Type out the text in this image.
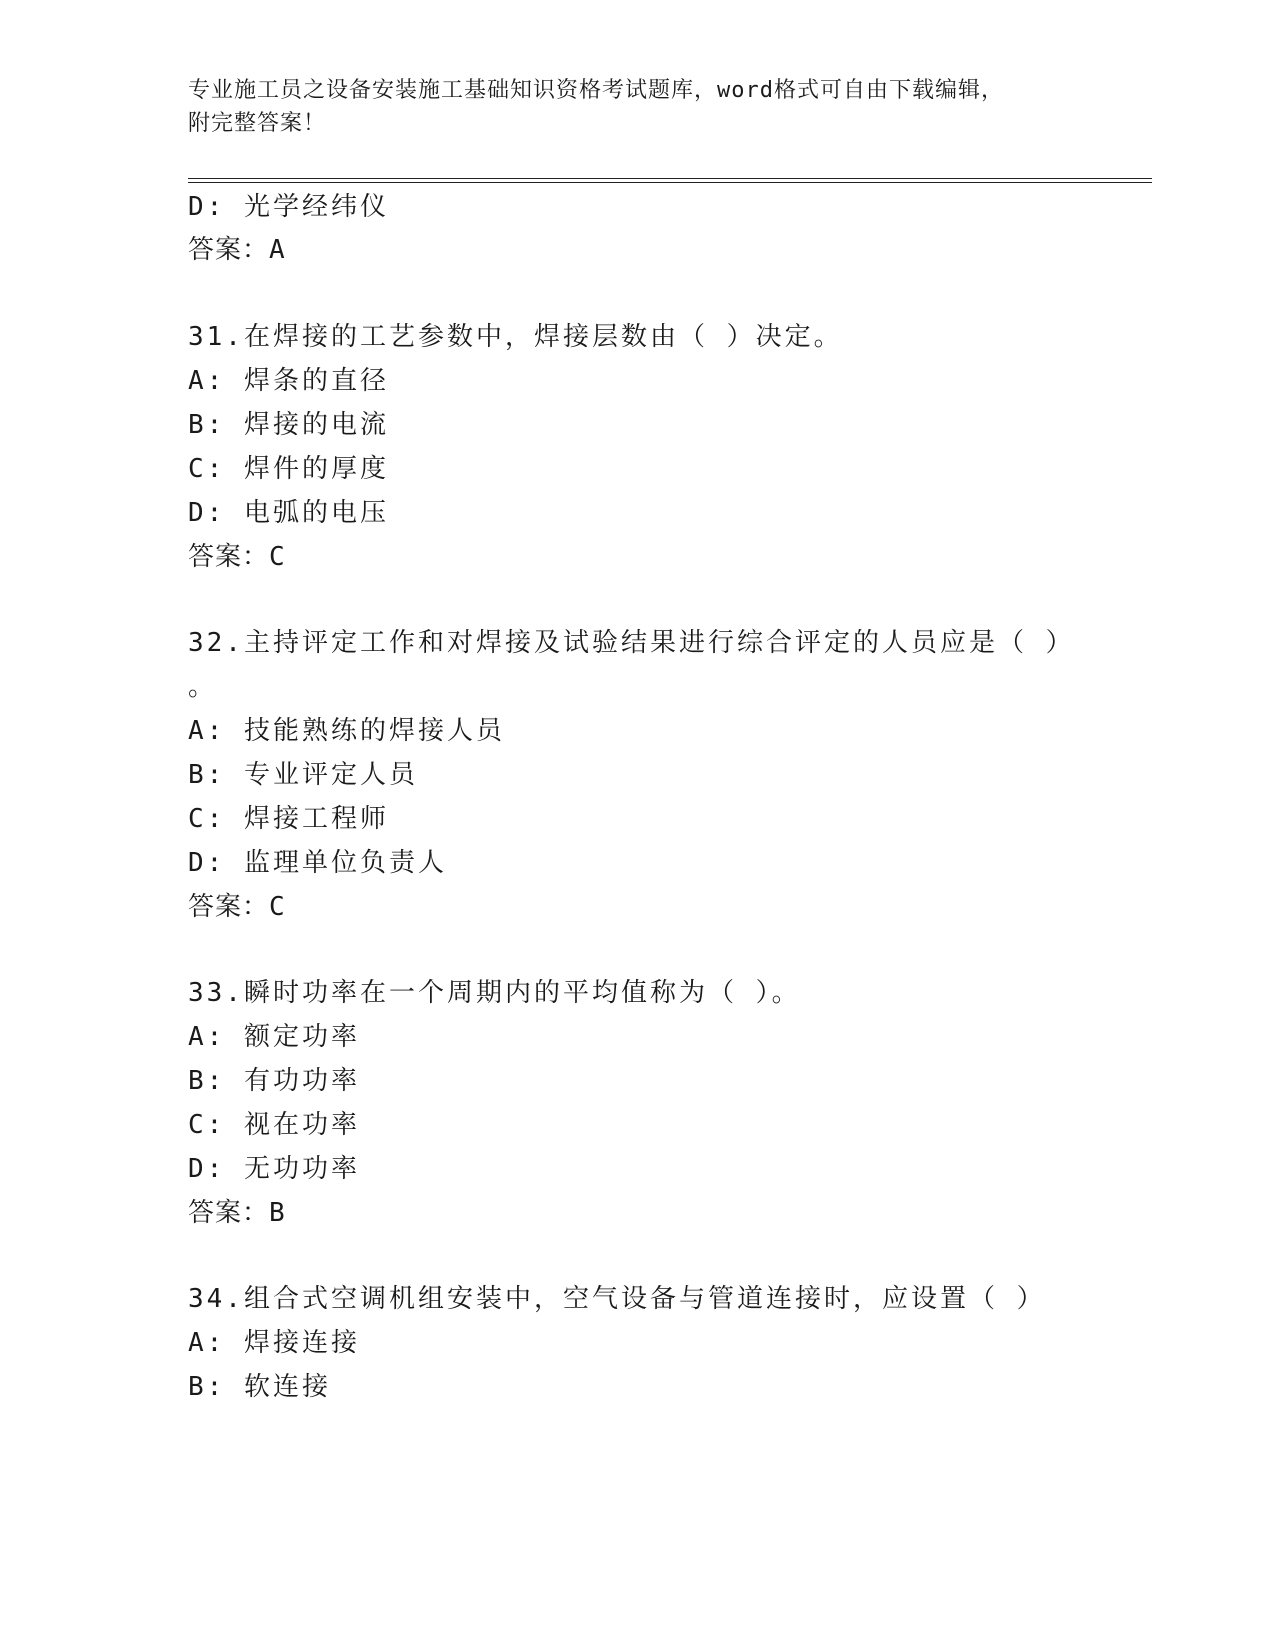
专业施工员之设备安装施工基础知识资格考试题库，word格式可自由下载编辑，
附完整答案！
D: 光学经纬仪
答案：A
31.在焊接的工艺参数中，焊接层数由（ ）决定。
A: 焊条的直径
B: 焊接的电流
C: 焊件的厚度
D: 电弧的电压
答案：C
32.主持评定工作和对焊接及试验结果进行综合评定的人员应是（ ）
。
A: 技能熟练的焊接人员
B: 专业评定人员
C: 焊接工程师
D: 监理单位负责人
答案：C
33.瞬时功率在一个周期内的平均值称为（ ）。
A: 额定功率
B: 有功功率
C: 视在功率
D: 无功功率
答案：B
34.组合式空调机组安装中，空气设备与管道连接时，应设置（ ）
A: 焊接连接
B: 软连接
